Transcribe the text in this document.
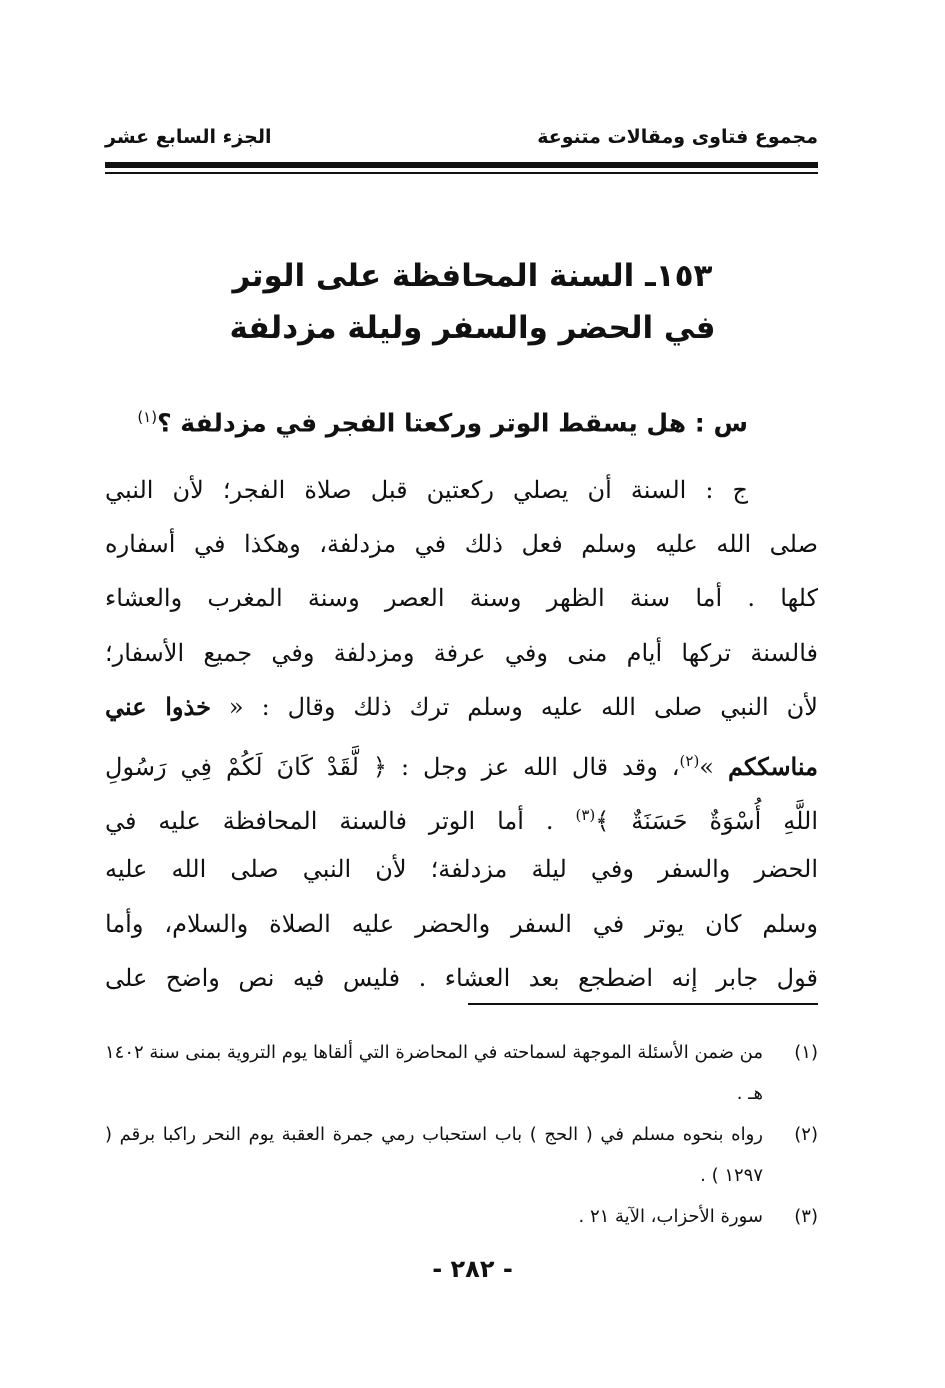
مجموع فتاوى ومقالات متنوعة
الجزء السابع عشر
١٥٣ـ السنة المحافظة على الوتر
في الحضر والسفر وليلة مزدلفة
س : هل يسقط الوتر وركعتا الفجر في مزدلفة ؟$^{(١)}$
ج : السنة أن يصلي ركعتين قبل صلاة الفجر؛ لأن النبي
صلى الله عليه وسلم فعل ذلك في مزدلفة، وهكذا في أسفاره
كلها . أما سنة الظهر وسنة العصر وسنة المغرب والعشاء
فالسنة تركها أيام منى وفي عرفة ومزدلفة وفي جميع الأسفار؛
لأن النبي صلى الله عليه وسلم ترك ذلك وقال : « خذوا عني
مناسككم »$^{(٢)}$، وقد قال الله عز وجل : ﴿ لَّقَدْ كَانَ لَكُمْ فِي رَسُولِ
اللَّهِ أُسْوَةٌ حَسَنَةٌ ﴾$^{(٣)}$ . أما الوتر فالسنة المحافظة عليه في
الحضر والسفر وفي ليلة مزدلفة؛ لأن النبي صلى الله عليه
وسلم كان يوتر في السفر والحضر عليه الصلاة والسلام، وأما
قول جابر إنه اضطجع بعد العشاء . فليس فيه نص واضح على
(١)
من ضمن الأسئلة الموجهة لسماحته في المحاضرة التي ألقاها يوم التروية بمنى سنة ١٤٠٢ هـ .
(٢)
رواه بنحوه مسلم في ( الحج ) باب استحباب رمي جمرة العقبة يوم النحر راكبا برقم ( ١٢٩٧ ) .
(٣)
سورة الأحزاب، الآية ٢١ .
- ٢٨٢ -
